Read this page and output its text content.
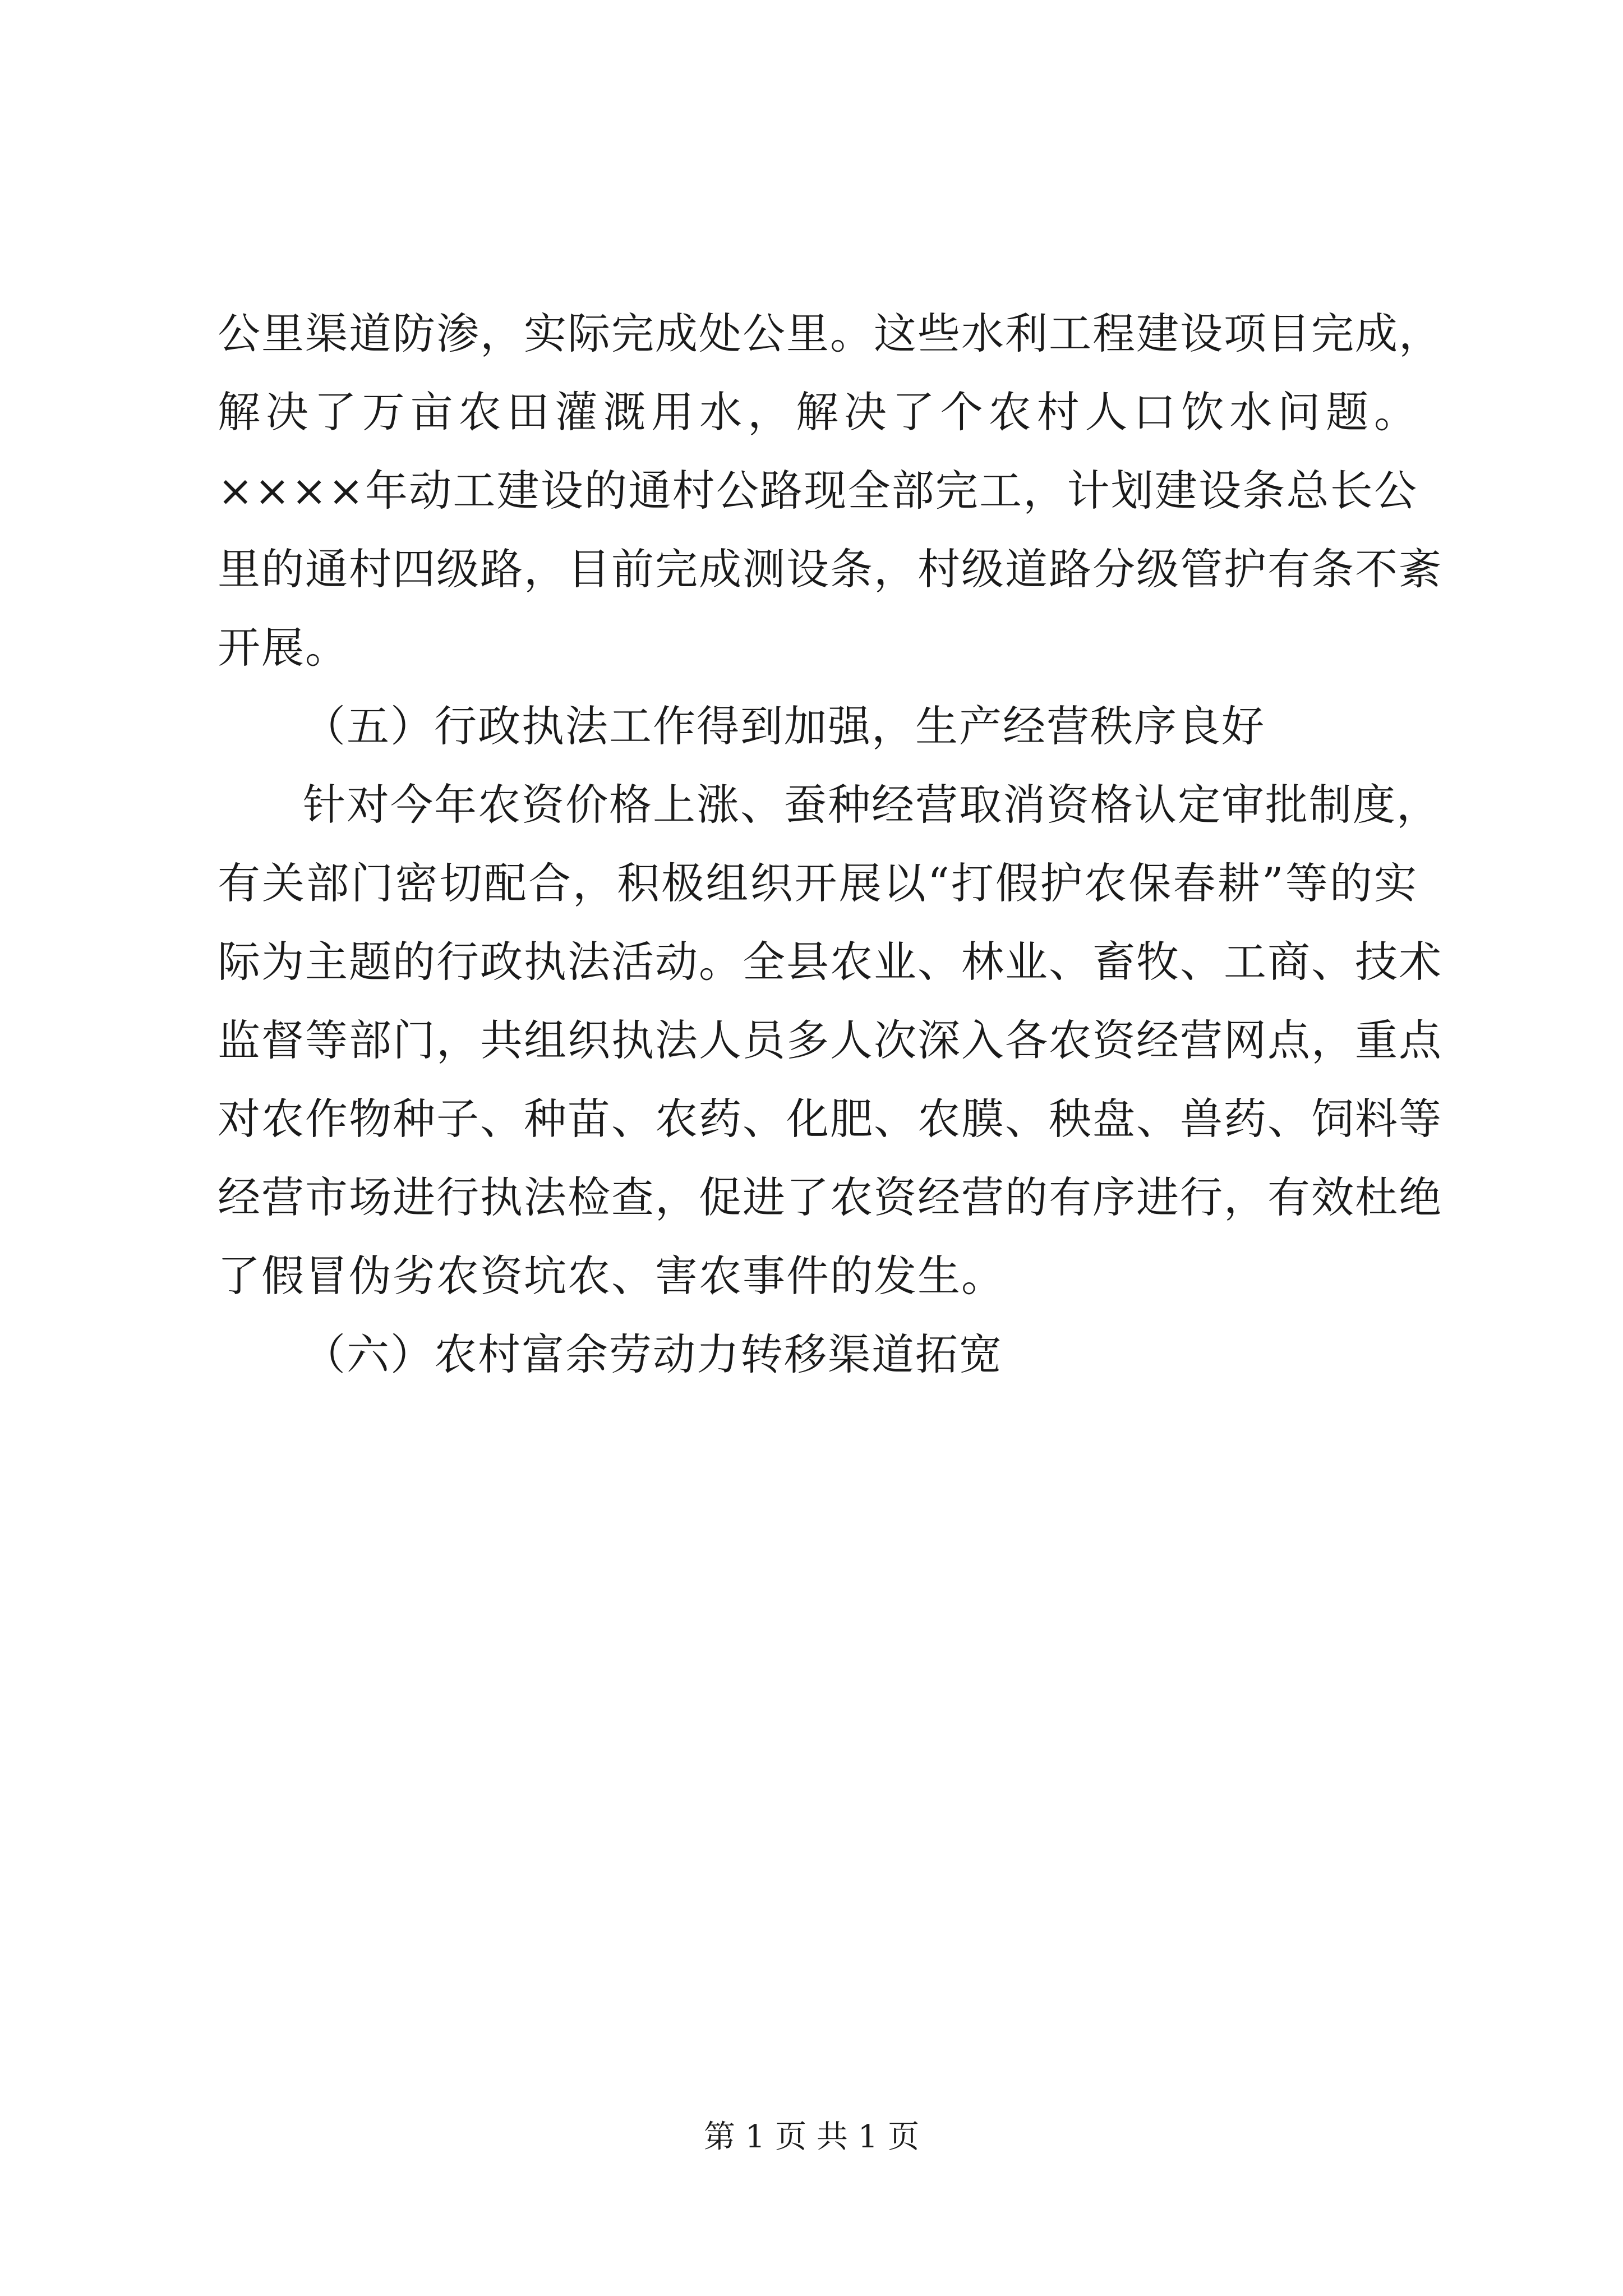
公里渠道防渗，实际完成处公里。这些水利工程建设项目完成，
解决了万亩农田灌溉用水，解决了个农村人口饮水问题。
××××年动工建设的通村公路现全部完工，计划建设条总长公
里的通村四级路，目前完成测设条，村级道路分级管护有条不紊
开展。
（五）行政执法工作得到加强，生产经营秩序良好
针对今年农资价格上涨、蚕种经营取消资格认定审批制度，
有关部门密切配合，积极组织开展以“打假护农保春耕”等的实
际为主题的行政执法活动。全县农业、林业、畜牧、工商、技术
监督等部门，共组织执法人员多人次深入各农资经营网点，重点
对农作物种子、种苗、农药、化肥、农膜、秧盘、兽药、饲料等
经营市场进行执法检查，促进了农资经营的有序进行，有效杜绝
了假冒伪劣农资坑农、害农事件的发生。
（六）农村富余劳动力转移渠道拓宽
第 1 页 共 1 页
